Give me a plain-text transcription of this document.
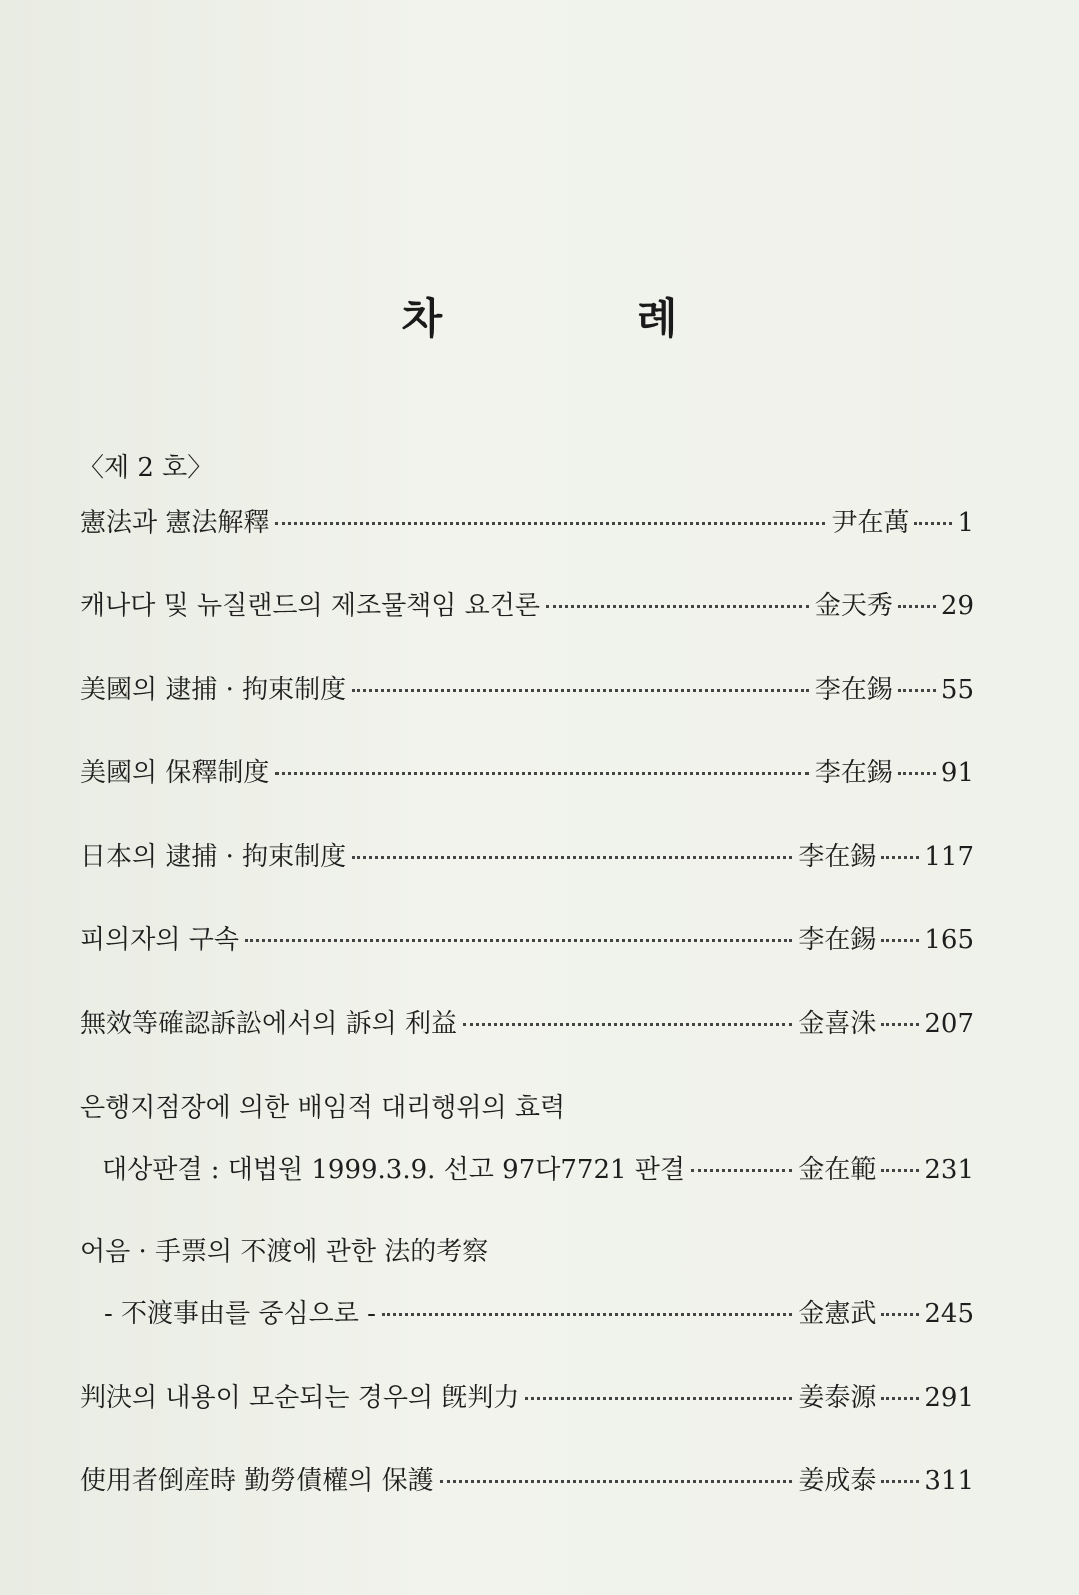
차 례
〈제 2 호〉
憲法과 憲法解釋	尹在萬 1
캐나다 및 뉴질랜드의 제조물책임 요건론	金天秀 29
美國의 逮捕 · 拘束制度	李在錫 55
美國의 保釋制度	李在錫 91
日本의 逮捕 · 拘束制度	李在錫 117
피의자의 구속	李在錫 165
無效等確認訴訟에서의 訴의 利益	金喜洙 207
은행지점장에 의한 배임적 대리행위의 효력
대상판결 : 대법원 1999.3.9. 선고 97다7721 판결	金在範 231
어음 · 手票의 不渡에 관한 法的考察
- 不渡事由를 중심으로 -	金憲武 245
判決의 내용이 모순되는 경우의 旣判力	姜泰源 291
使用者倒産時 勤勞債權의 保護	姜成泰 311
